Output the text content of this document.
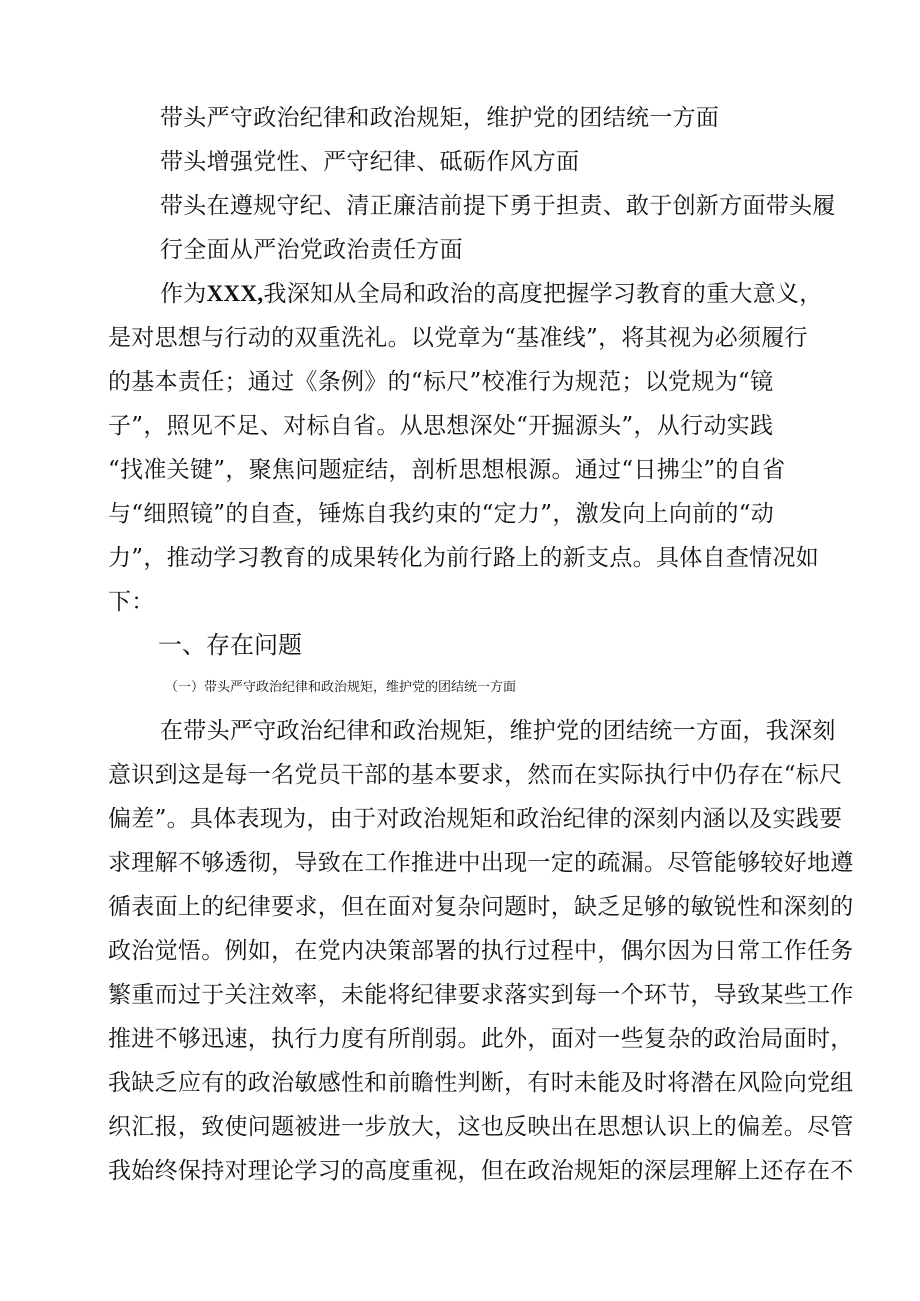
带头严守政治纪律和政治规矩，维护党的团结统一方面
带头增强党性、严守纪律、砥砺作风方面
带头在遵规守纪、清正廉洁前提下勇于担责、敢于创新方面带头履
行全面从严治党政治责任方面
作为XXX,我深知从全局和政治的高度把握学习教育的重大意义，
是对思想与行动的双重洗礼。以党章为“基准线”，将其视为必须履行
的基本责任；通过《条例》的“标尺”校准行为规范；以党规为“镜
子”，照见不足、对标自省。从思想深处“开掘源头”，从行动实践
“找准关键”，聚焦问题症结，剖析思想根源。通过“日拂尘”的自省
与“细照镜”的自查，锤炼自我约束的“定力”，激发向上向前的“动
力”，推动学习教育的成果转化为前行路上的新支点。具体自查情况如
下：
一、存在问题
（一）带头严守政治纪律和政治规矩，维护党的团结统一方面
在带头严守政治纪律和政治规矩，维护党的团结统一方面，我深刻
意识到这是每一名党员干部的基本要求，然而在实际执行中仍存在“标尺
偏差”。具体表现为，由于对政治规矩和政治纪律的深刻内涵以及实践要
求理解不够透彻，导致在工作推进中出现一定的疏漏。尽管能够较好地遵
循表面上的纪律要求，但在面对复杂问题时，缺乏足够的敏锐性和深刻的
政治觉悟。例如，在党内决策部署的执行过程中，偶尔因为日常工作任务
繁重而过于关注效率，未能将纪律要求落实到每一个环节，导致某些工作
推进不够迅速，执行力度有所削弱。此外，面对一些复杂的政治局面时，
我缺乏应有的政治敏感性和前瞻性判断，有时未能及时将潜在风险向党组
织汇报，致使问题被进一步放大，这也反映出在思想认识上的偏差。尽管
我始终保持对理论学习的高度重视，但在政治规矩的深层理解上还存在不
